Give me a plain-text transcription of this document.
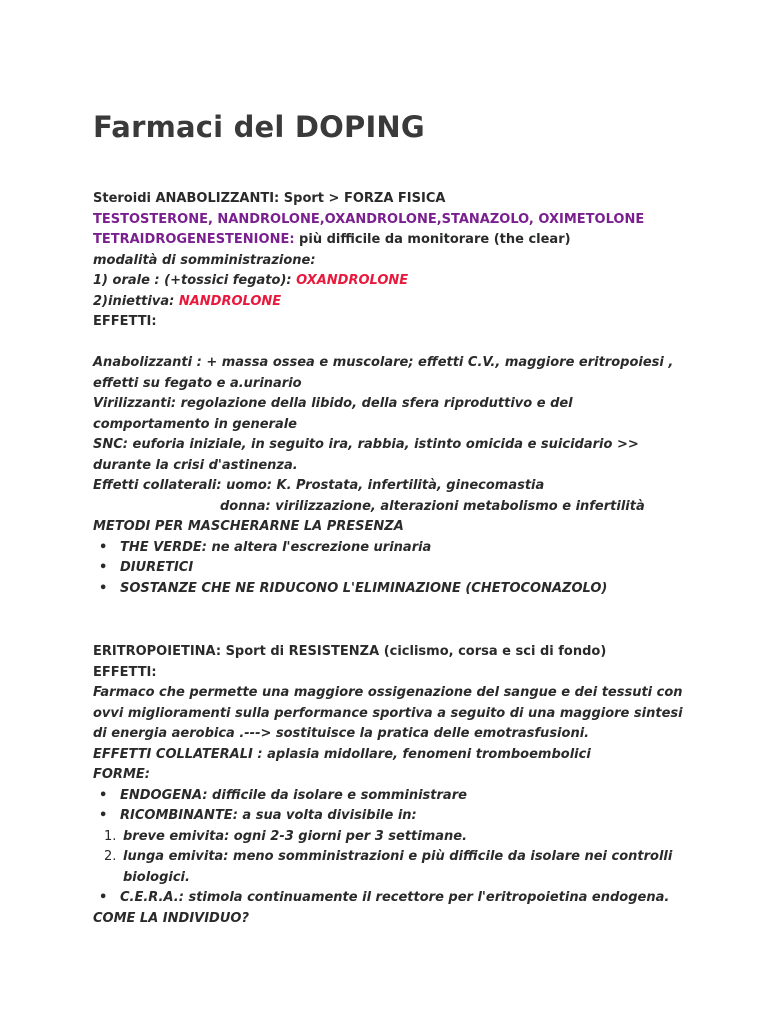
Farmaci del DOPING

Steroidi ANABOLIZZANTI: Sport > FORZA FISICA

TESTOSTERONE, NANDROLONE,OXANDROLONE,STANAZOLO, OXIMETOLONE

TETRAIDROGENESTENIONE: più difficile da monitorare (the clear)

modalità di somministrazione:

1) orale : (+tossici fegato): OXANDROLONE

2)iniettiva: NANDROLONE

EFFETTI:

Anabolizzanti : + massa ossea e muscolare; effetti C.V., maggiore eritropoiesi , effetti su fegato e a.urinario

Virilizzanti: regolazione della libido, della sfera riproduttivo e del comportamento in generale

SNC: euforia iniziale, in seguito ira, rabbia, istinto omicida e suicidario >> durante la crisi d'astinenza.

Effetti collaterali: uomo: K. Prostata, infertilità, ginecomastia

donna: virilizzazione, alterazioni metabolismo e infertilità

METODI PER MASCHERARNE LA PRESENZA

• THE VERDE: ne altera l'escrezione urinaria

• DIURETICI

• SOSTANZE CHE NE RIDUCONO L'ELIMINAZIONE (CHETOCONAZOLO)

ERITROPOIETINA: Sport di RESISTENZA (ciclismo, corsa e sci di fondo)

EFFETTI:

Farmaco che permette una maggiore ossigenazione del sangue e dei tessuti con ovvi miglioramenti sulla performance sportiva a seguito di una maggiore sintesi di energia aerobica .---> sostituisce la pratica delle emotrasfusioni.

EFFETTI COLLATERALI : aplasia midollare, fenomeni tromboembolici

FORME:

• ENDOGENA: difficile da isolare e somministrare

• RICOMBINANTE: a sua volta divisibile in:

1. breve emivita: ogni 2-3 giorni per 3 settimane.

2. lunga emivita: meno somministrazioni e più difficile da isolare nei controlli biologici.

• C.E.R.A.: stimola continuamente il recettore per l'eritropoietina endogena.

COME LA INDIVIDUO?
